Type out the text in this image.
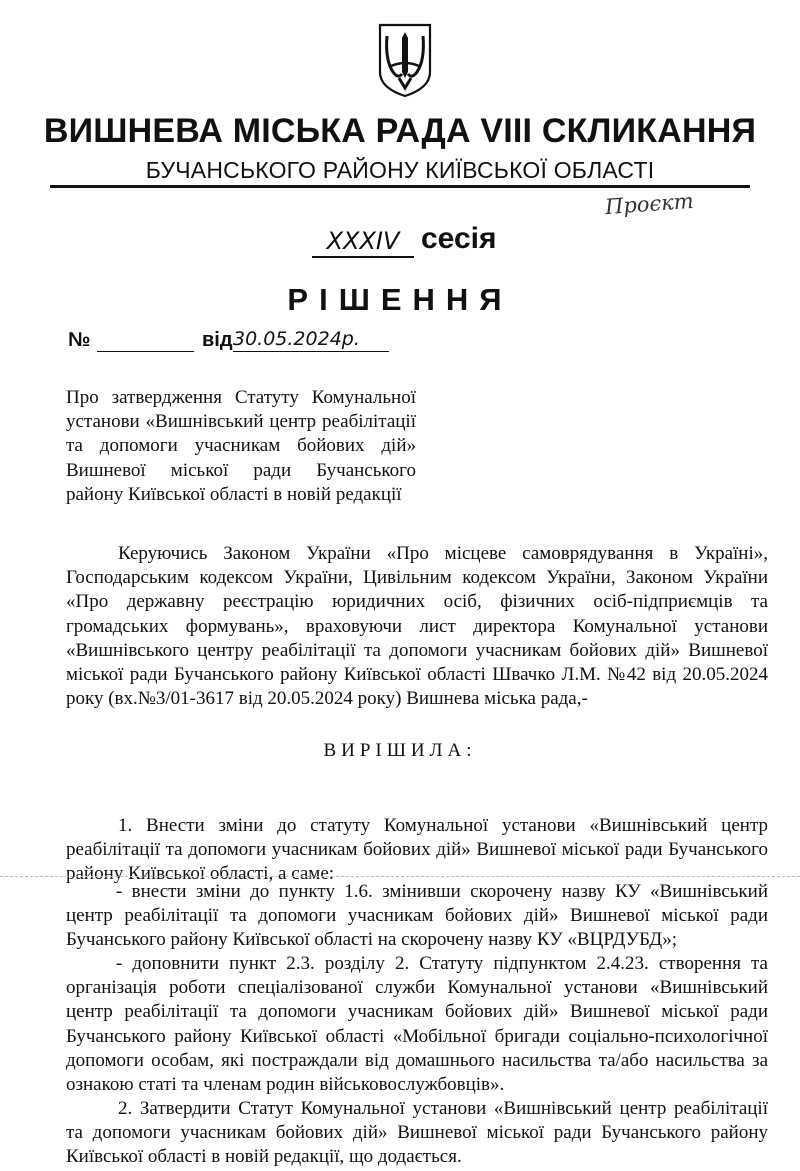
ВИШНЕВА МІСЬКА РАДА VIII СКЛИКАННЯ
БУЧАНСЬКОГО РАЙОНУ КИЇВСЬКОЇ ОБЛАСТІ
Проєкт
XXXIV сесія
РІШЕННЯ
№	від 30.05.2024р.
Про затвердження Статуту Комунальної установи «Вишнівський центр реабілітації та допомоги учасникам бойових дій» Вишневої міської ради Бучанського району Київської області в новій редакції
Керуючись Законом України «Про місцеве самоврядування в Україні», Господарським кодексом України, Цивільним кодексом України, Законом України «Про державну реєстрацію юридичних осіб, фізичних осіб-підприємців та громадських формувань», враховуючи лист директора Комунальної установи «Вишнівського центру реабілітації та допомоги учасникам бойових дій» Вишневої міської ради Бучанського району Київської області Швачко Л.М. №42 від 20.05.2024 року (вх.№3/01-3617 від 20.05.2024 року) Вишнева міська рада,-
ВИРІШИЛА:
1. Внести зміни до статуту Комунальної установи «Вишнівський центр реабілітації та допомоги учасникам бойових дій» Вишневої міської ради Бучанського району Київської області, а саме:
- внести зміни до пункту 1.6. змінивши скорочену назву КУ «Вишнівський центр реабілітації та допомоги учасникам бойових дій» Вишневої міської ради Бучанського району Київської області на скорочену назву КУ «ВЦРДУБД»;
- доповнити пункт 2.3. розділу 2. Статуту підпунктом 2.4.23. створення та організація роботи спеціалізованої служби Комунальної установи «Вишнівський центр реабілітації та допомоги учасникам бойових дій» Вишневої міської ради Бучанського району Київської області «Мобільної бригади соціально-психологічної допомоги особам, які постраждали від домашнього насильства та/або насильства за ознакою статі та членам родин військовослужбовців».
2. Затвердити Статут Комунальної установи «Вишнівський центр реабілітації та допомоги учасникам бойових дій» Вишневої міської ради Бучанського району Київської області в новій редакції, що додається.
